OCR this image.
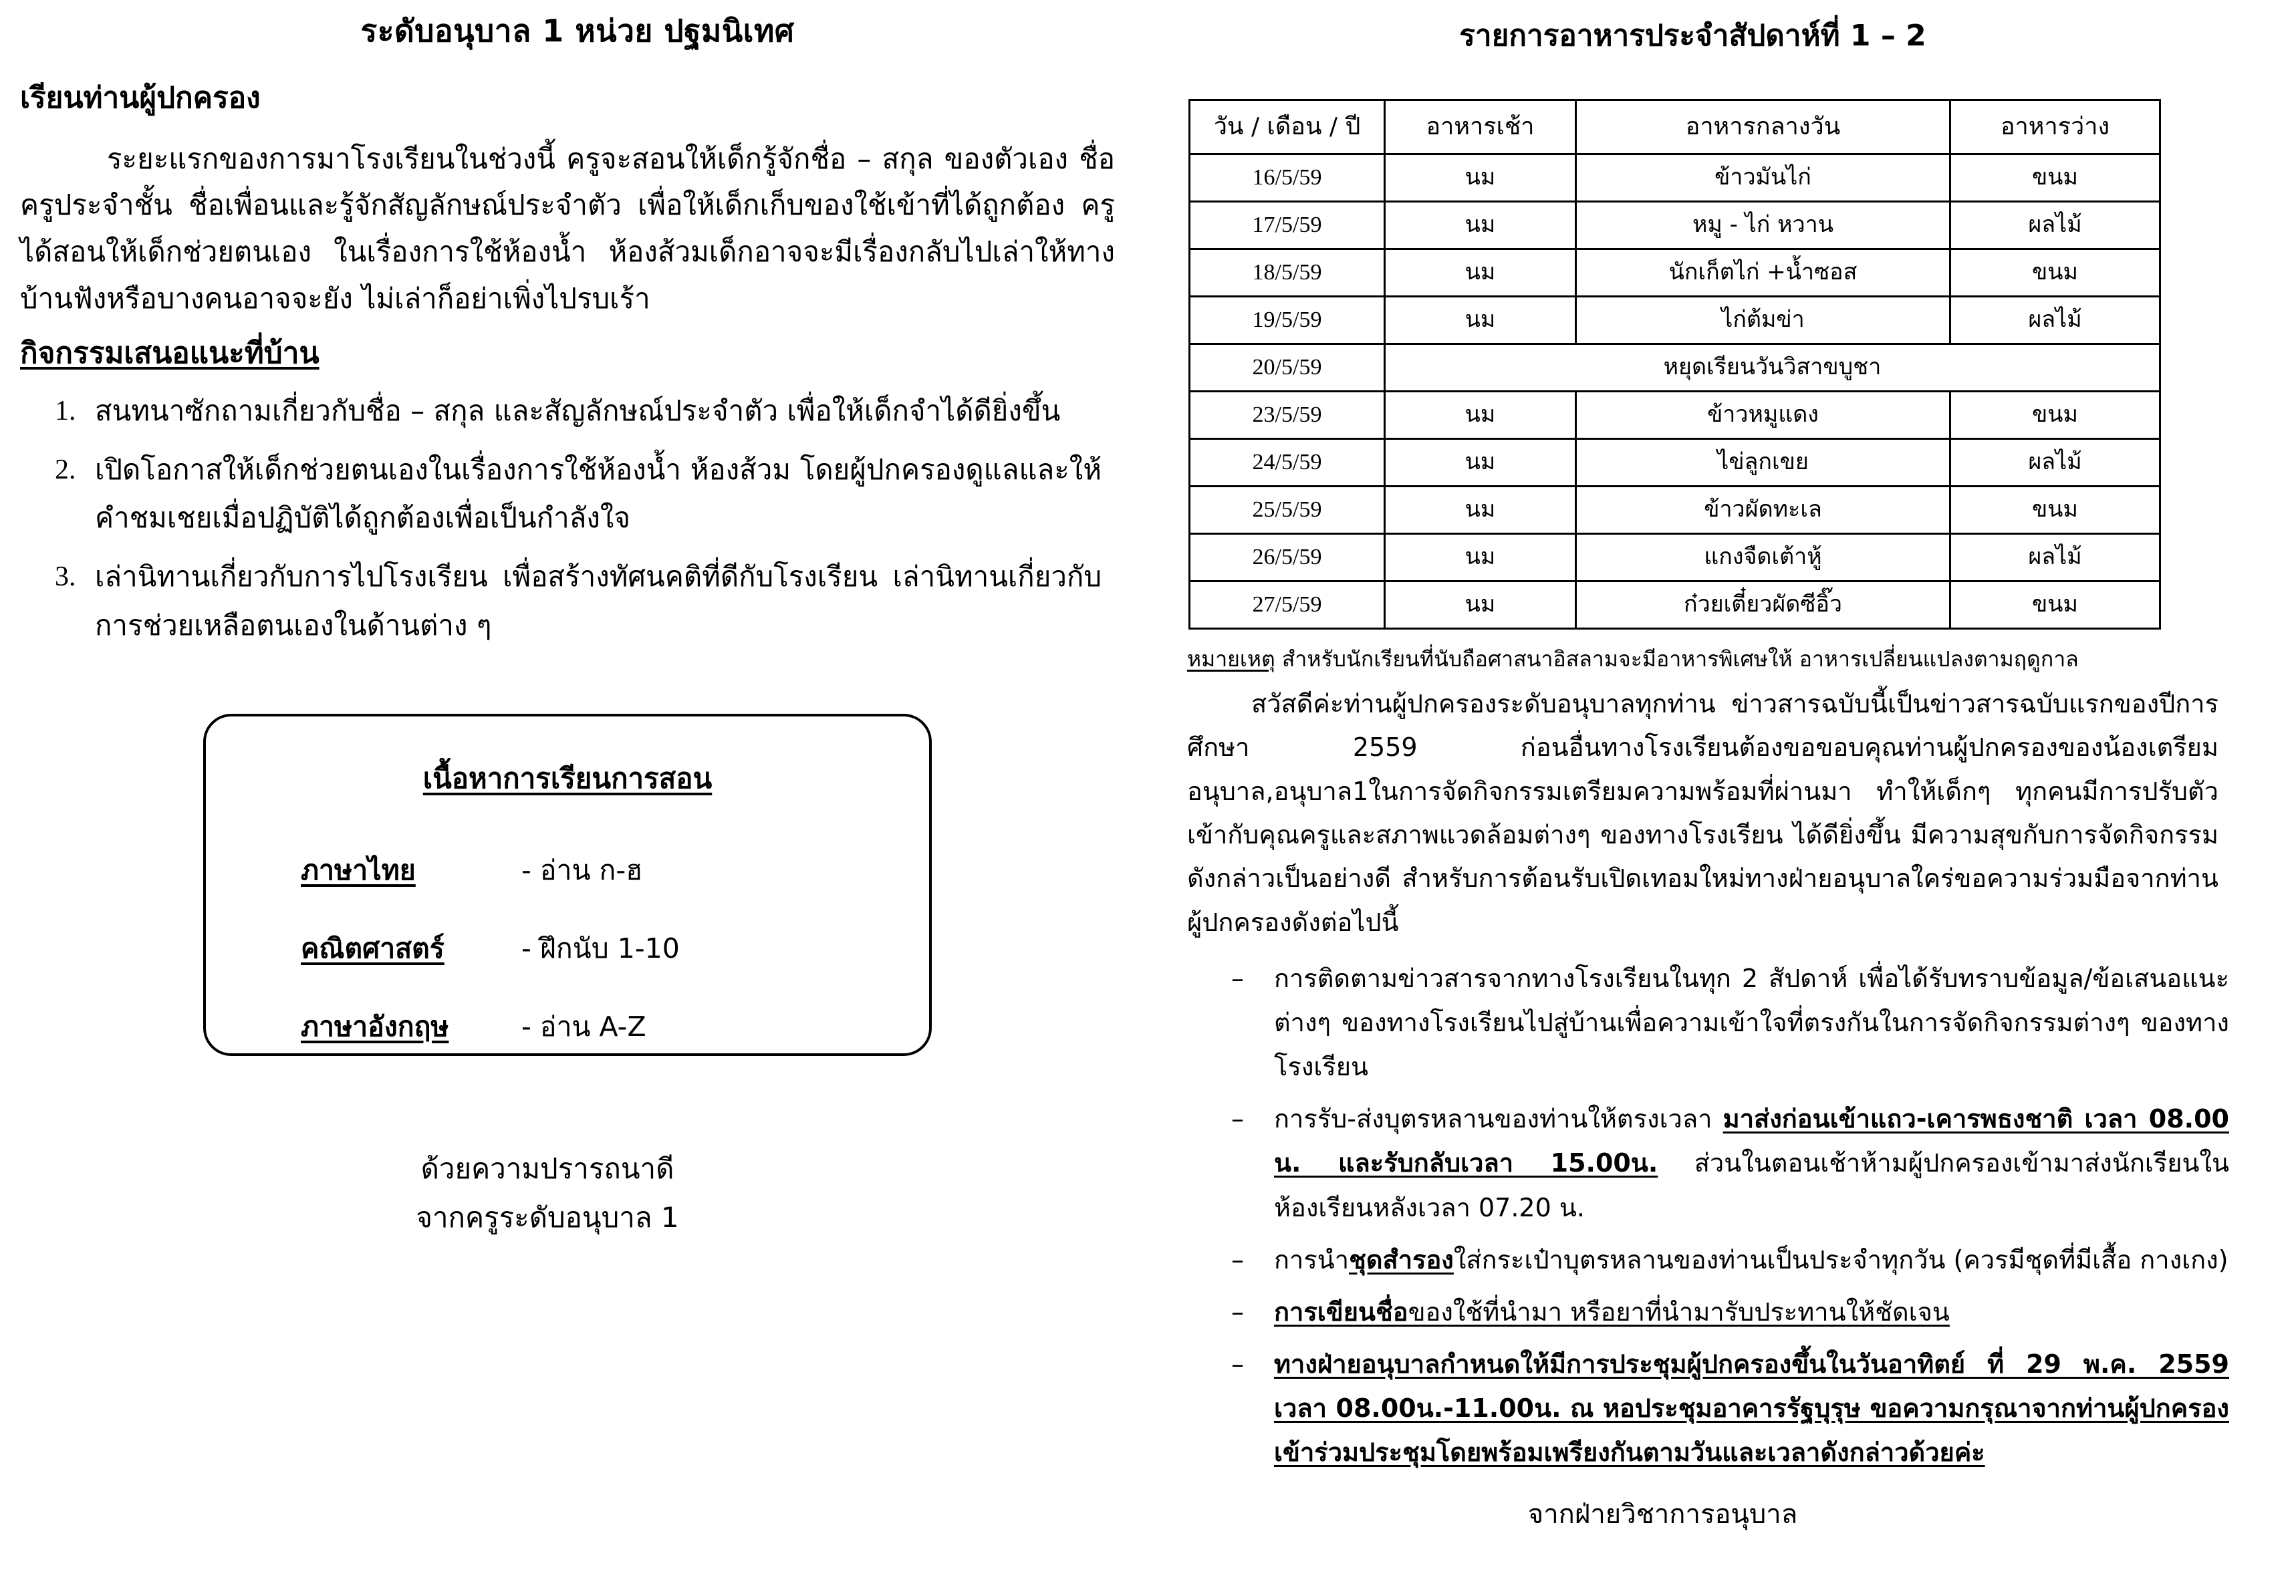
ระดับอนุบาล 1 หน่วย ปฐมนิเทศ
เรียนท่านผู้ปกครอง

ระยะแรกของการมาโรงเรียนในช่วงนี้ ครูจะสอนให้เด็กรู้จักชื่อ – สกุล ของตัวเอง ชื่อครูประจำชั้น ชื่อเพื่อนและรู้จักสัญลักษณ์ประจำตัว เพื่อให้เด็กเก็บของใช้เข้าที่ได้ถูกต้อง ครูได้สอนให้เด็กช่วยตนเอง ในเรื่องการใช้ห้องน้ำ ห้องส้วมเด็กอาจจะมีเรื่องกลับไปเล่าให้ทางบ้านฟังหรือบางคนอาจจะยัง ไม่เล่าก็อย่าเพิ่งไปรบเร้า

กิจกรรมเสนอแนะที่บ้าน
สนทนาซักถามเกี่ยวกับชื่อ – สกุล และสัญลักษณ์ประจำตัว เพื่อให้เด็กจำได้ดียิ่งขึ้น
เปิดโอกาสให้เด็กช่วยตนเองในเรื่องการใช้ห้องน้ำ ห้องส้วม โดยผู้ปกครองดูแลและให้คำชมเชยเมื่อปฏิบัติได้ถูกต้องเพื่อเป็นกำลังใจ
เล่านิทานเกี่ยวกับการไปโรงเรียน เพื่อสร้างทัศนคติที่ดีกับโรงเรียน เล่านิทานเกี่ยวกับการช่วยเหลือตนเองในด้านต่าง ๆ
เนื้อหาการเรียนการสอน
ภาษาไทย	- อ่าน ก-ฮ
คณิตศาสตร์	- ฝึกนับ 1-10
ภาษาอังกฤษ	- อ่าน A-Z
ด้วยความปรารถนาดี
จากครูระดับอนุบาล 1
รายการอาหารประจำสัปดาห์ที่ 1 – 2
วัน / เดือน / ปี	อาหารเช้า	อาหารกลางวัน	อาหารว่าง
16/5/59	นม	ข้าวมันไก่	ขนม
17/5/59	นม	หมู - ไก่ หวาน	ผลไม้
18/5/59	นม	นักเก็ตไก่ +น้ำซอส	ขนม
19/5/59	นม	ไก่ต้มข่า	ผลไม้
20/5/59	หยุดเรียนวันวิสาขบูชา		
23/5/59	นม	ข้าวหมูแดง	ขนม
24/5/59	นม	ไข่ลูกเขย	ผลไม้
25/5/59	นม	ข้าวผัดทะเล	ขนม
26/5/59	นม	แกงจืดเต้าหู้	ผลไม้
27/5/59	นม	ก๋วยเตี๋ยวผัดซีอิ๊ว	ขนม
หมายเหตุ สำหรับนักเรียนที่นับถือศาสนาอิสลามจะมีอาหารพิเศษให้ อาหารเปลี่ยนแปลงตามฤดูกาล

สวัสดีค่ะท่านผู้ปกครองระดับอนุบาลทุกท่าน ข่าวสารฉบับนี้เป็นข่าวสารฉบับแรกของปีการศึกษา 2559 ก่อนอื่นทางโรงเรียนต้องขอขอบคุณท่านผู้ปกครองของน้องเตรียมอนุบาล,อนุบาล1ในการจัดกิจกรรมเตรียมความพร้อมที่ผ่านมา ทำให้เด็กๆ ทุกคนมีการปรับตัว เข้ากับคุณครูและสภาพแวดล้อมต่างๆ ของทางโรงเรียน ได้ดียิ่งขึ้น มีความสุขกับการจัดกิจกรรมดังกล่าวเป็นอย่างดี สำหรับการต้อนรับเปิดเทอมใหม่ทางฝ่ายอนุบาลใคร่ขอความร่วมมือจากท่านผู้ปกครองดังต่อไปนี้

– การติดตามข่าวสารจากทางโรงเรียนในทุก 2 สัปดาห์ เพื่อได้รับทราบข้อมูล/ข้อเสนอแนะต่างๆ ของทางโรงเรียนไปสู่บ้านเพื่อความเข้าใจที่ตรงกันในการจัดกิจกรรมต่างๆ ของทางโรงเรียน
– การรับ-ส่งบุตรหลานของท่านให้ตรงเวลา มาส่งก่อนเข้าแถว-เคารพธงชาติ เวลา 08.00 น. และรับกลับเวลา 15.00น. ส่วนในตอนเช้าห้ามผู้ปกครองเข้ามาส่งนักเรียนในห้องเรียนหลังเวลา 07.20 น.
– การนำชุดสำรองใส่กระเป๋าบุตรหลานของท่านเป็นประจำทุกวัน (ควรมีชุดที่มีเสื้อ กางเกง)
– การเขียนชื่อของใช้ที่นำมา หรือยาที่นำมารับประทานให้ชัดเจน
– ทางฝ่ายอนุบาลกำหนดให้มีการประชุมผู้ปกครองขึ้นในวันอาทิตย์ ที่ 29 พ.ค. 2559 เวลา 08.00น.-11.00น. ณ หอประชุมอาคารรัฐบุรุษ ขอความกรุณาจากท่านผู้ปกครองเข้าร่วมประชุมโดยพร้อมเพรียงกันตามวันและเวลาดังกล่าวด้วยค่ะ
จากฝ่ายวิชาการอนุบาล
